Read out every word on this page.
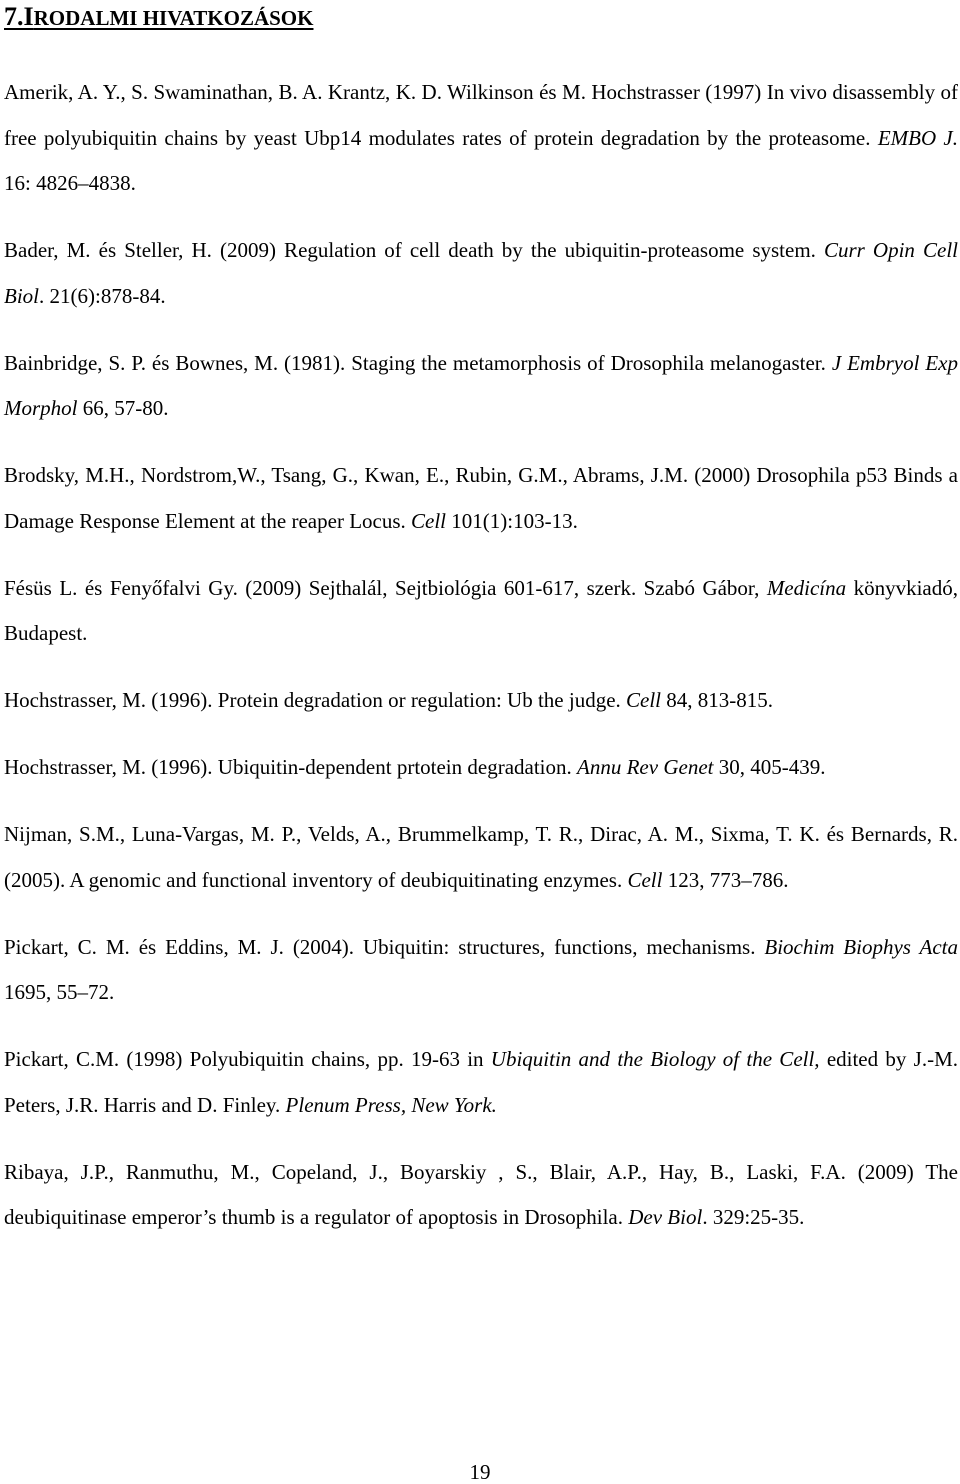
7.IRODALMI HIVATKOZÁSOK

Amerik, A. Y., S. Swaminathan, B. A. Krantz, K. D. Wilkinson és M. Hochstrasser (1997) In vivo disassembly of free polyubiquitin chains by yeast Ubp14 modulates rates of protein degradation by the proteasome. EMBO J. 16: 4826–4838.

Bader, M. és Steller, H. (2009) Regulation of cell death by the ubiquitin-proteasome system. Curr Opin Cell Biol. 21(6):878-84.

Bainbridge, S. P. és Bownes, M. (1981). Staging the metamorphosis of Drosophila melanogaster. J Embryol Exp Morphol 66, 57-80.

Brodsky, M.H., Nordstrom,W., Tsang, G., Kwan, E., Rubin, G.M., Abrams, J.M. (2000) Drosophila p53 Binds a Damage Response Element at the reaper Locus. Cell 101(1):103-13.

Fésüs L. és Fenyőfalvi Gy. (2009) Sejthalál, Sejtbiológia 601-617, szerk. Szabó Gábor, Medicína könyvkiadó, Budapest.

Hochstrasser, M. (1996). Protein degradation or regulation: Ub the judge. Cell 84, 813-815.

Hochstrasser, M. (1996). Ubiquitin-dependent prtotein degradation. Annu Rev Genet 30, 405-439.

Nijman, S.M., Luna-Vargas, M. P., Velds, A., Brummelkamp, T. R., Dirac, A. M., Sixma, T. K. és Bernards, R. (2005). A genomic and functional inventory of deubiquitinating enzymes. Cell 123, 773–786.

Pickart, C. M. és Eddins, M. J. (2004). Ubiquitin: structures, functions, mechanisms. Biochim Biophys Acta 1695, 55–72.

Pickart, C.M. (1998) Polyubiquitin chains, pp. 19-63 in Ubiquitin and the Biology of the Cell, edited by J.-M. Peters, J.R. Harris and D. Finley. Plenum Press, New York.

Ribaya, J.P., Ranmuthu, M., Copeland, J., Boyarskiy , S., Blair, A.P., Hay, B., Laski, F.A. (2009) The deubiquitinase emperor’s thumb is a regulator of apoptosis in Drosophila. Dev Biol. 329:25-35.

19
